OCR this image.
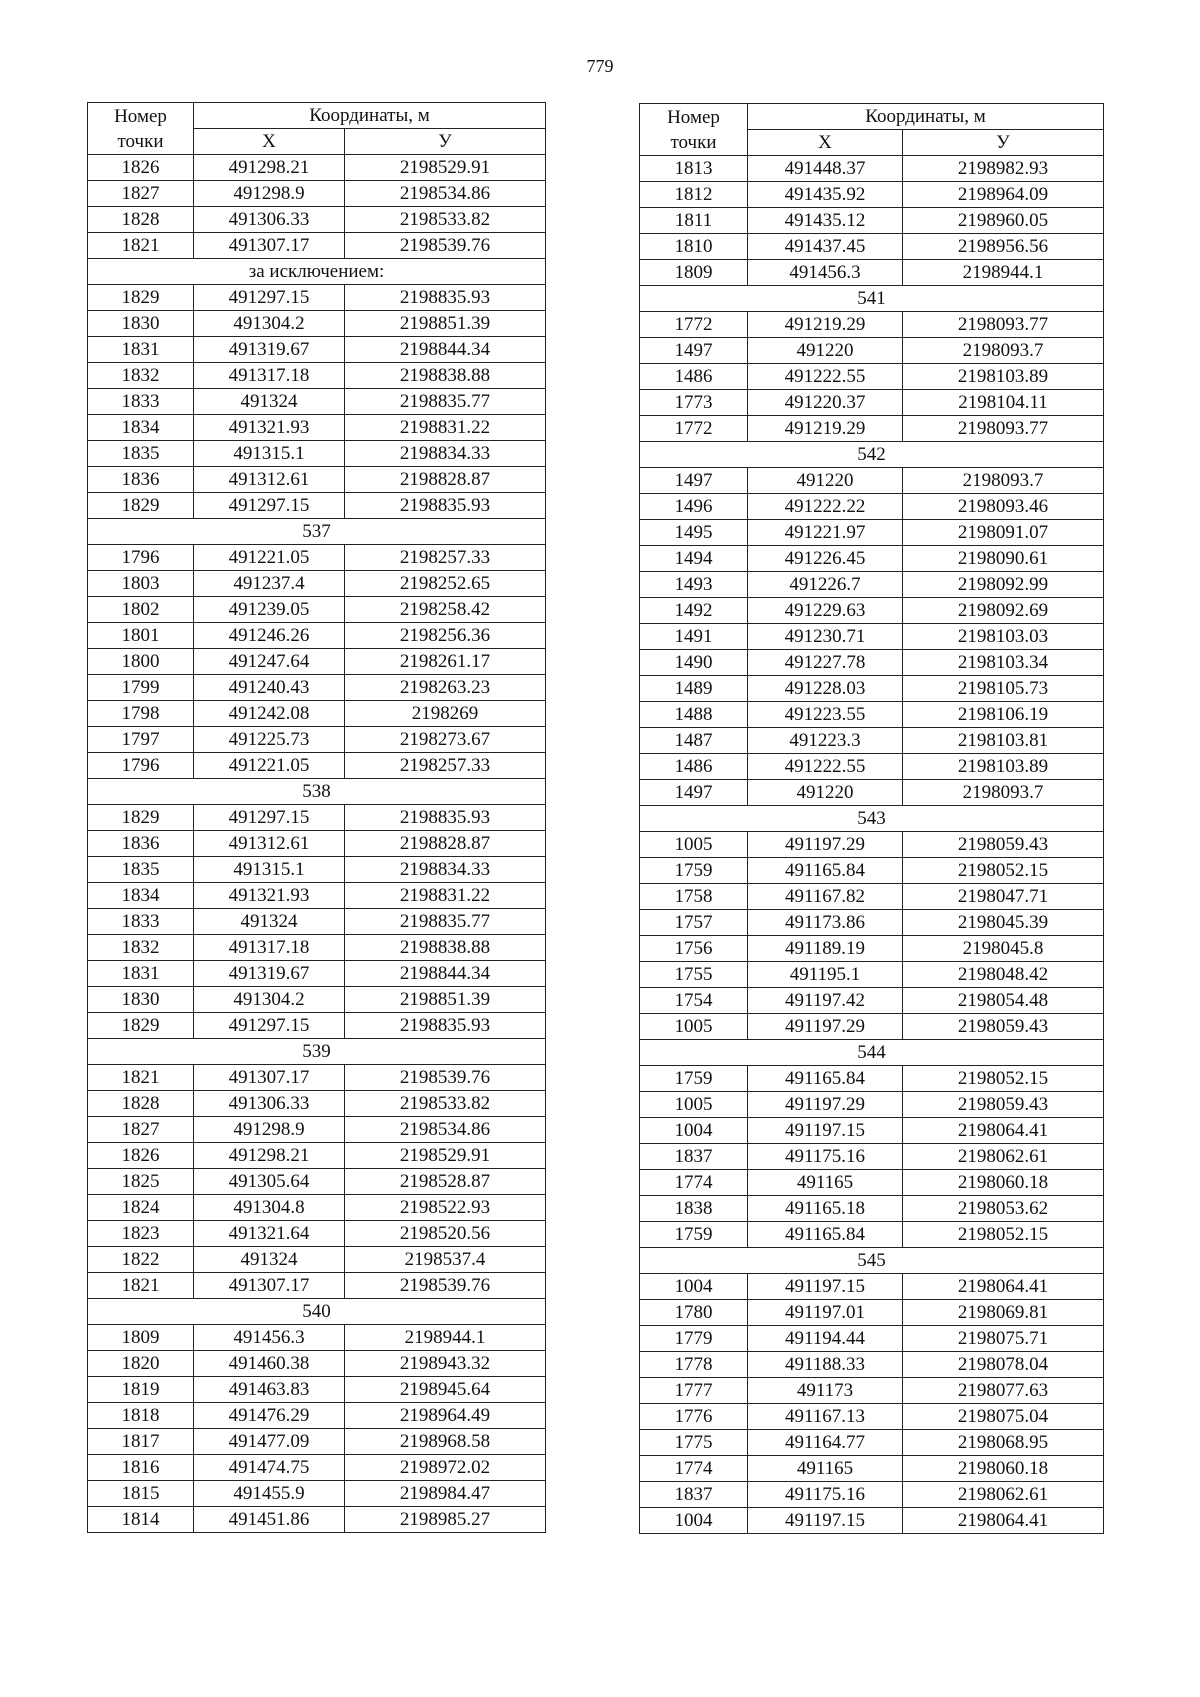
779
Номер
точки	Координаты, м	
	X	У
1826	491298.21	2198529.91
1827	491298.9	2198534.86
1828	491306.33	2198533.82
1821	491307.17	2198539.76
за исключением:		
1829	491297.15	2198835.93
1830	491304.2	2198851.39
1831	491319.67	2198844.34
1832	491317.18	2198838.88
1833	491324	2198835.77
1834	491321.93	2198831.22
1835	491315.1	2198834.33
1836	491312.61	2198828.87
1829	491297.15	2198835.93
537		
1796	491221.05	2198257.33
1803	491237.4	2198252.65
1802	491239.05	2198258.42
1801	491246.26	2198256.36
1800	491247.64	2198261.17
1799	491240.43	2198263.23
1798	491242.08	2198269
1797	491225.73	2198273.67
1796	491221.05	2198257.33
538		
1829	491297.15	2198835.93
1836	491312.61	2198828.87
1835	491315.1	2198834.33
1834	491321.93	2198831.22
1833	491324	2198835.77
1832	491317.18	2198838.88
1831	491319.67	2198844.34
1830	491304.2	2198851.39
1829	491297.15	2198835.93
539		
1821	491307.17	2198539.76
1828	491306.33	2198533.82
1827	491298.9	2198534.86
1826	491298.21	2198529.91
1825	491305.64	2198528.87
1824	491304.8	2198522.93
1823	491321.64	2198520.56
1822	491324	2198537.4
1821	491307.17	2198539.76
540		
1809	491456.3	2198944.1
1820	491460.38	2198943.32
1819	491463.83	2198945.64
1818	491476.29	2198964.49
1817	491477.09	2198968.58
1816	491474.75	2198972.02
1815	491455.9	2198984.47
1814	491451.86	2198985.27
Номер
точки	Координаты, м	
	X	У
1813	491448.37	2198982.93
1812	491435.92	2198964.09
1811	491435.12	2198960.05
1810	491437.45	2198956.56
1809	491456.3	2198944.1
541		
1772	491219.29	2198093.77
1497	491220	2198093.7
1486	491222.55	2198103.89
1773	491220.37	2198104.11
1772	491219.29	2198093.77
542		
1497	491220	2198093.7
1496	491222.22	2198093.46
1495	491221.97	2198091.07
1494	491226.45	2198090.61
1493	491226.7	2198092.99
1492	491229.63	2198092.69
1491	491230.71	2198103.03
1490	491227.78	2198103.34
1489	491228.03	2198105.73
1488	491223.55	2198106.19
1487	491223.3	2198103.81
1486	491222.55	2198103.89
1497	491220	2198093.7
543		
1005	491197.29	2198059.43
1759	491165.84	2198052.15
1758	491167.82	2198047.71
1757	491173.86	2198045.39
1756	491189.19	2198045.8
1755	491195.1	2198048.42
1754	491197.42	2198054.48
1005	491197.29	2198059.43
544		
1759	491165.84	2198052.15
1005	491197.29	2198059.43
1004	491197.15	2198064.41
1837	491175.16	2198062.61
1774	491165	2198060.18
1838	491165.18	2198053.62
1759	491165.84	2198052.15
545		
1004	491197.15	2198064.41
1780	491197.01	2198069.81
1779	491194.44	2198075.71
1778	491188.33	2198078.04
1777	491173	2198077.63
1776	491167.13	2198075.04
1775	491164.77	2198068.95
1774	491165	2198060.18
1837	491175.16	2198062.61
1004	491197.15	2198064.41
